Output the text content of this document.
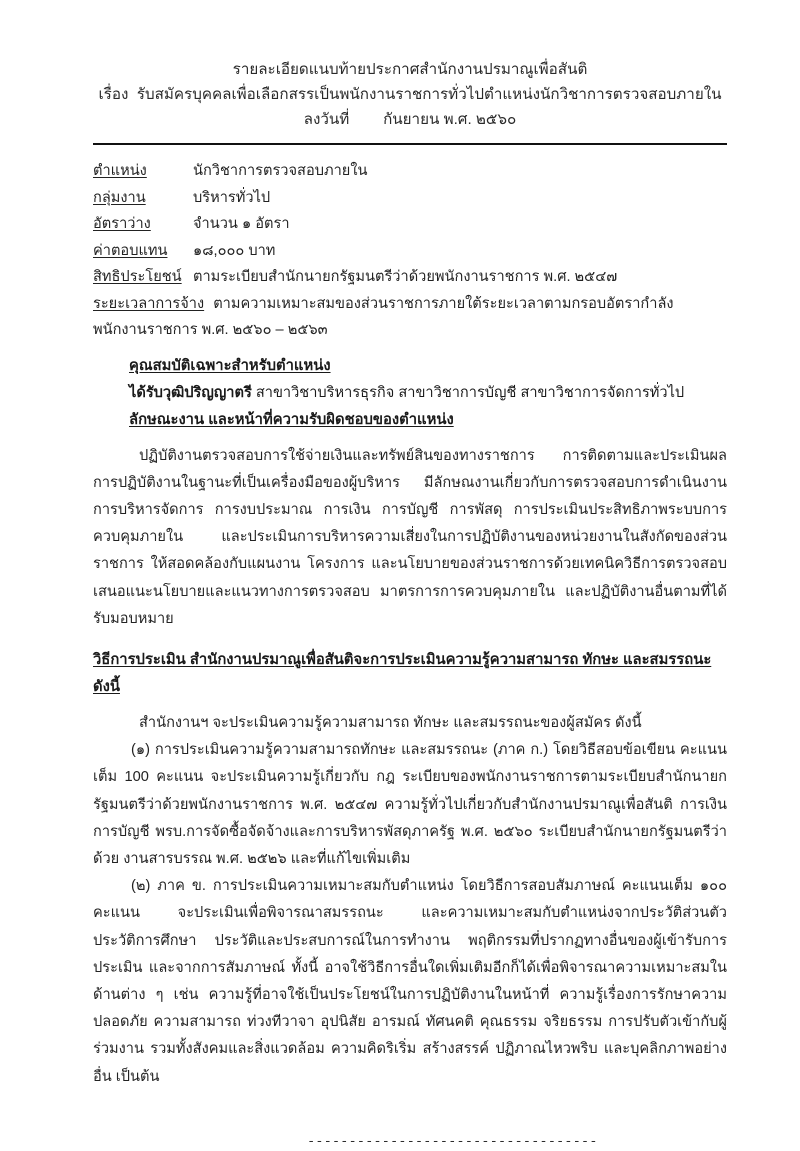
รายละเอียดแนบท้ายประกาศสำนักงานปรมาณูเพื่อสันติ
เรื่อง  รับสมัครบุคคลเพื่อเลือกสรรเป็นพนักงานราชการทั่วไปตำแหน่งนักวิชาการตรวจสอบภายใน
ลงวันที่        กันยายน พ.ศ. ๒๕๖๐
ตำแหน่ง	นักวิชาการตรวจสอบภายใน
กลุ่มงาน	บริหารทั่วไป
อัตราว่าง	จำนวน ๑ อัตรา
ค่าตอบแทน	๑๘,๐๐๐ บาท
สิทธิประโยชน์ ตามระเบียบสำนักนายกรัฐมนตรีว่าด้วยพนักงานราชการ พ.ศ. ๒๕๔๗
ระยะเวลาการจ้าง ตามความเหมาะสมของส่วนราชการภายใต้ระยะเวลาตามกรอบอัตรากำลังพนักงานราชการ พ.ศ. ๒๕๖๐ – ๒๕๖๓
คุณสมบัติเฉพาะสำหรับตำแหน่ง
ได้รับวุฒิปริญญาตรี สาขาวิชาบริหารธุรกิจ สาขาวิชาการบัญชี สาขาวิชาการจัดการทั่วไป
ลักษณะงาน และหน้าที่ความรับผิดชอบของตำแหน่ง

ปฏิบัติงานตรวจสอบการใช้จ่ายเงินและทรัพย์สินของทางราชการ การติดตามและประเมินผลการปฏิบัติงานในฐานะที่เป็นเครื่องมือของผู้บริหาร มีลักษณงานเกี่ยวกับการตรวจสอบการดำเนินงาน การบริหารจัดการ การงบประมาณ การเงิน การบัญชี การพัสดุ การประเมินประสิทธิภาพระบบการควบคุมภายใน และประเมินการบริหารความเสี่ยงในการปฏิบัติงานของหน่วยงานในสังกัดของส่วนราชการ ให้สอดคล้องกับแผนงาน โครงการ และนโยบายของส่วนราชการด้วยเทคนิควิธีการตรวจสอบ เสนอแนะนโยบายและแนวทางการตรวจสอบ มาตรการการควบคุมภายใน และปฏิบัติงานอื่นตามที่ได้รับมอบหมาย

วิธีการประเมิน สำนักงานปรมาณูเพื่อสันติจะการประเมินความรู้ความสามารถ ทักษะ และสมรรถนะ ดังนี้

สำนักงานฯ จะประเมินความรู้ความสามารถ ทักษะ และสมรรถนะของผู้สมัคร ดังนี้

(๑) การประเมินความรู้ความสามารถทักษะ และสมรรถนะ (ภาค ก.) โดยวิธีสอบข้อเขียน คะแนนเต็ม 100 คะแนน จะประเมินความรู้เกี่ยวกับ กฎ ระเบียบของพนักงานราชการตามระเบียบสำนักนายกรัฐมนตรีว่าด้วยพนักงานราชการ พ.ศ. ๒๕๔๗ ความรู้ทั่วไปเกี่ยวกับสำนักงานปรมาณูเพื่อสันติ การเงิน การบัญชี พรบ.การจัดซื้อจัดจ้างและการบริหารพัสดุภาครัฐ พ.ศ. ๒๕๖๐ ระเบียบสำนักนายกรัฐมนตรีว่าด้วย งานสารบรรณ พ.ศ. ๒๕๒๖ และที่แก้ไขเพิ่มเติม

(๒) ภาค ข. การประเมินความเหมาะสมกับตำแหน่ง โดยวิธีการสอบสัมภาษณ์ คะแนนเต็ม ๑๐๐ คะแนน จะประเมินเพื่อพิจารณาสมรรถนะ และความเหมาะสมกับตำแหน่งจากประวัติส่วนตัว ประวัติการศึกษา ประวัติและประสบการณ์ในการทำงาน พฤติกรรมที่ปรากฏทางอื่นของผู้เข้ารับการประเมิน และจากการสัมภาษณ์ ทั้งนี้ อาจใช้วิธีการอื่นใดเพิ่มเติมอีกก็ได้เพื่อพิจารณาความเหมาะสมในด้านต่าง ๆ เช่น ความรู้ที่อาจใช้เป็นประโยชน์ในการปฏิบัติงานในหน้าที่ ความรู้เรื่องการรักษาความปลอดภัย ความสามารถ ท่วงทีวาจา อุปนิสัย อารมณ์ ทัศนคติ คุณธรรม จริยธรรม การปรับตัวเข้ากับผู้ร่วมงาน รวมทั้งสังคมและสิ่งแวดล้อม ความคิดริเริ่ม สร้างสรรค์ ปฏิภาณไหวพริบ และบุคลิกภาพอย่างอื่น เป็นต้น

-----------------------------------
